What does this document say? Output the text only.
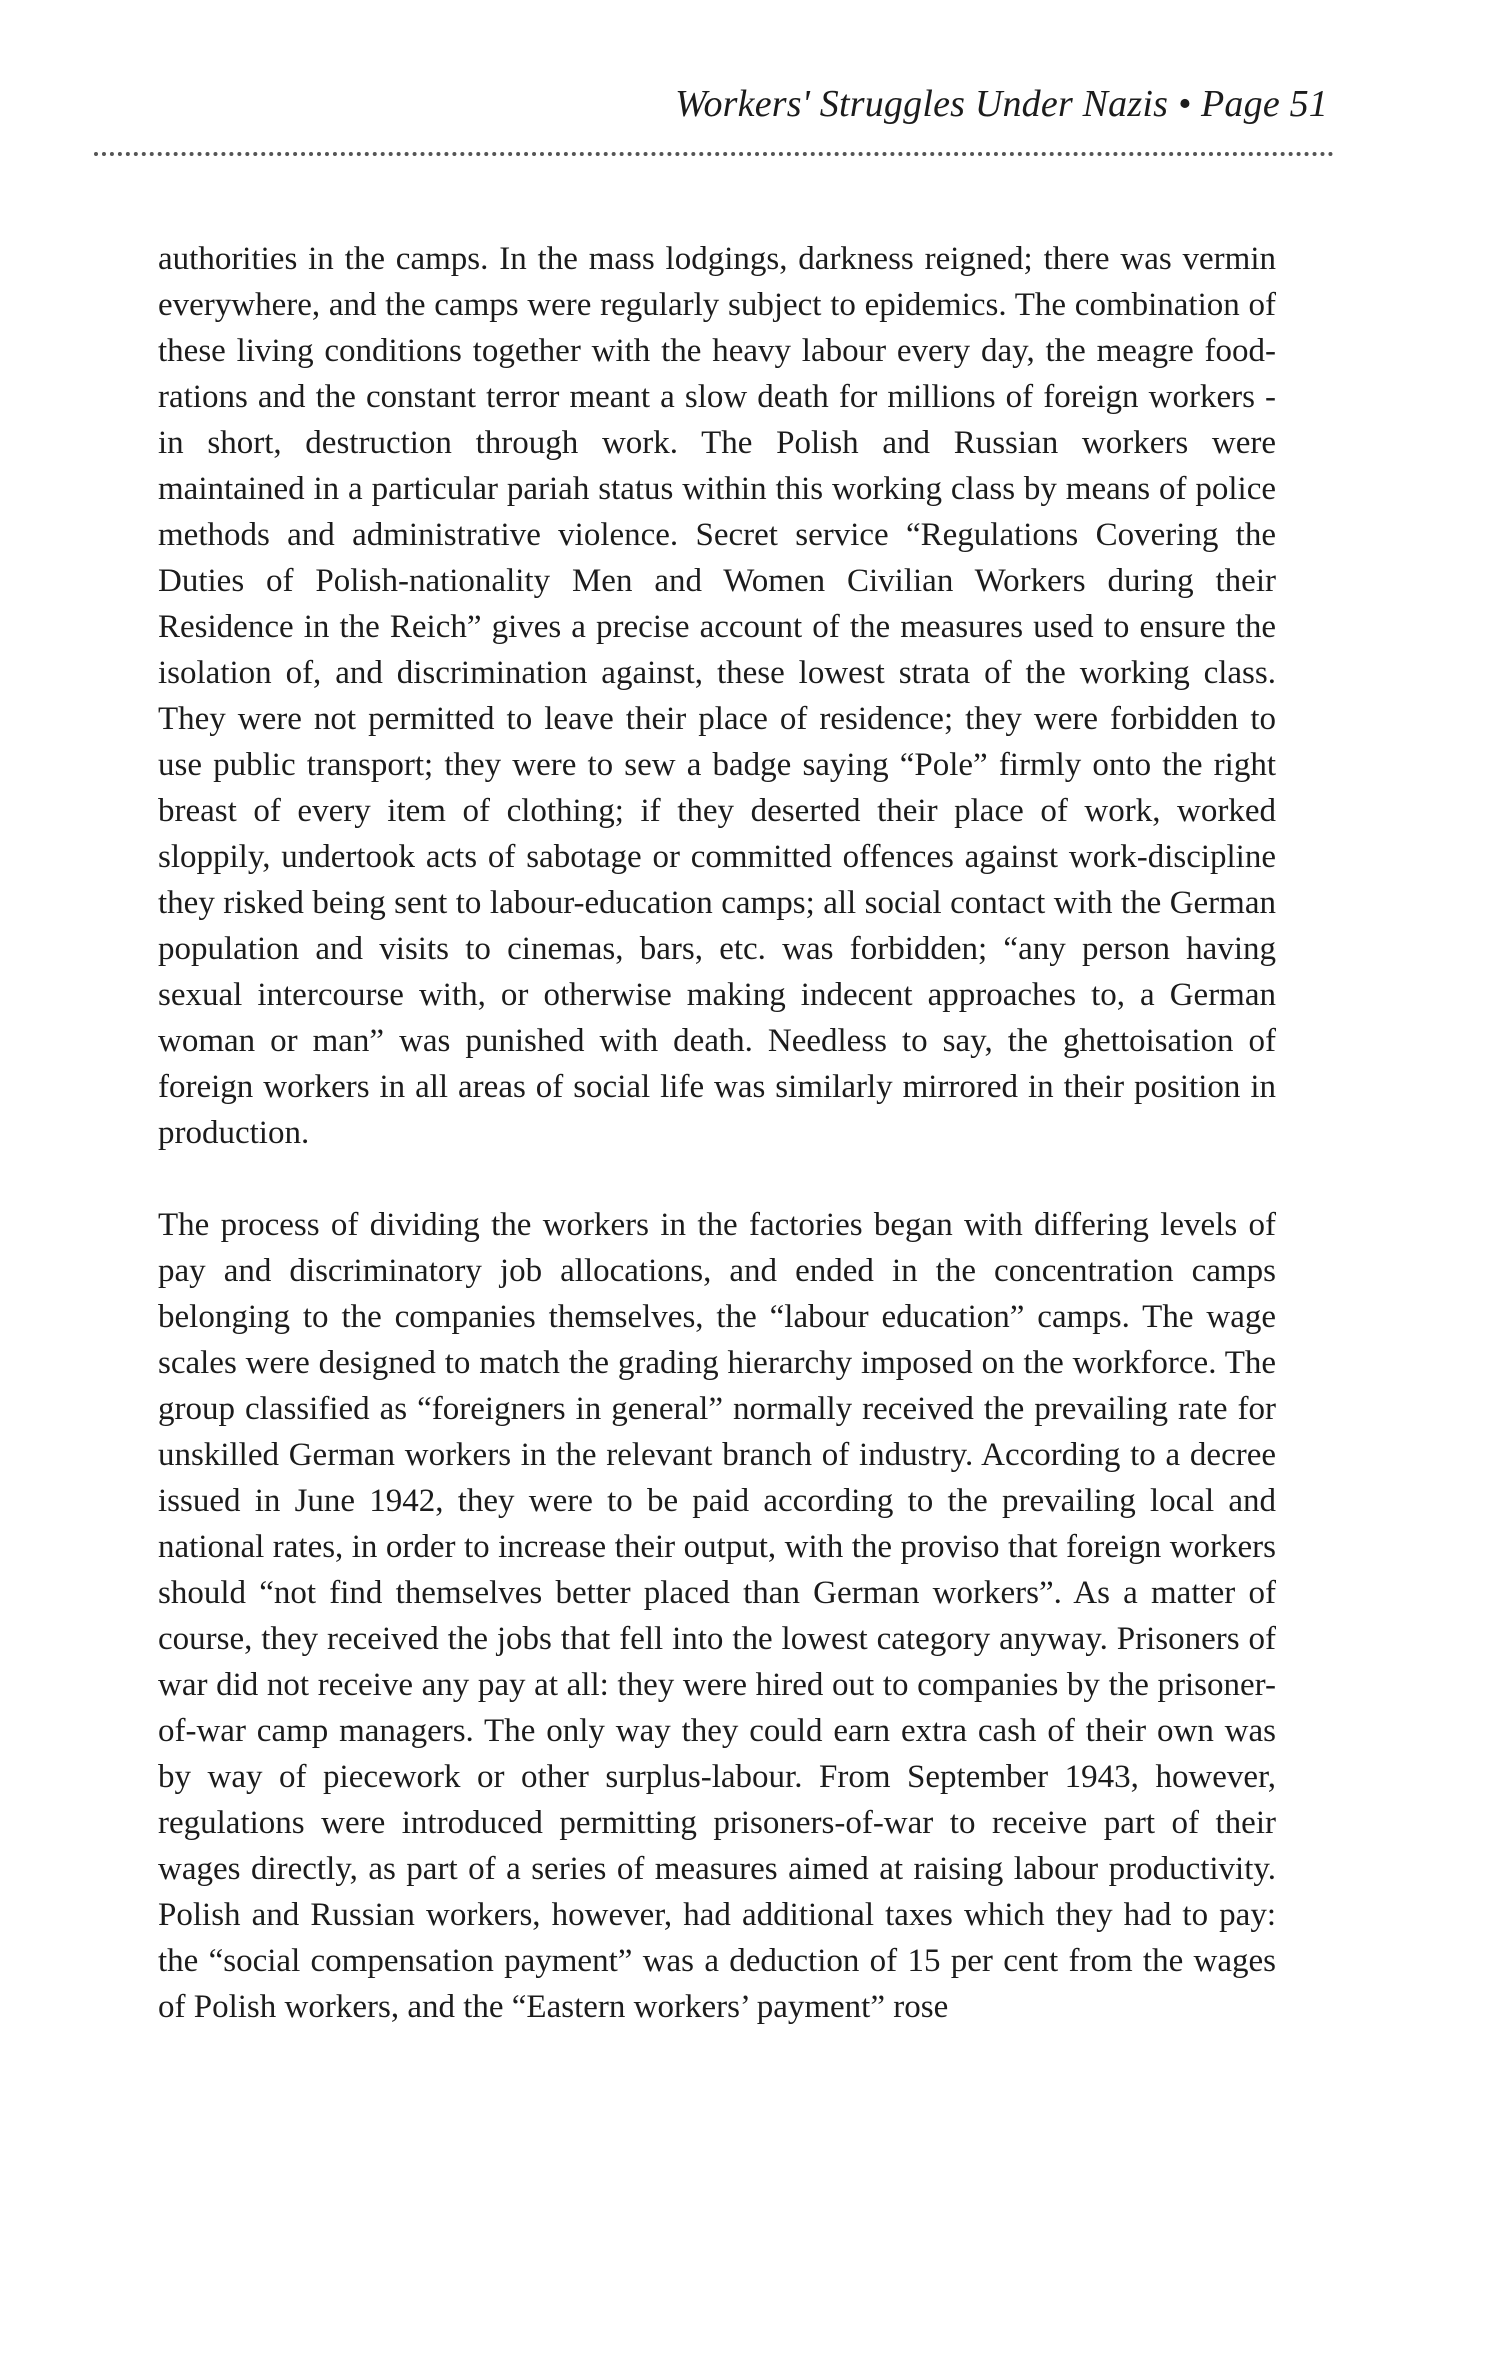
Workers' Struggles Under Nazis • Page 51

authorities in the camps. In the mass lodgings, darkness reigned; there was vermin everywhere, and the camps were regularly subject to epidemics. The combination of these living conditions together with the heavy labour every day, the meagre food-rations and the constant terror meant a slow death for millions of foreign workers - in short, destruction through work. The Polish and Russian workers were maintained in a particular pariah status within this working class by means of police methods and administrative violence. Secret service “Regulations Covering the Duties of Polish-nationality Men and Women Civilian Workers during their Residence in the Reich” gives a precise account of the measures used to ensure the isolation of, and discrimination against, these lowest strata of the working class. They were not permitted to leave their place of residence; they were forbidden to use public transport; they were to sew a badge saying “Pole” firmly onto the right breast of every item of clothing; if they deserted their place of work, worked sloppily, undertook acts of sabotage or committed offences against work-discipline they risked being sent to labour-education camps; all social contact with the German population and visits to cinemas, bars, etc. was forbidden; “any person having sexual intercourse with, or otherwise making indecent approaches to, a German woman or man” was punished with death. Needless to say, the ghettoisation of foreign workers in all areas of social life was similarly mirrored in their position in production.

The process of dividing the workers in the factories began with differing levels of pay and discriminatory job allocations, and ended in the concentration camps belonging to the companies themselves, the “labour education” camps. The wage scales were designed to match the grading hierarchy imposed on the workforce. The group classified as “foreigners in general” normally received the prevailing rate for unskilled German workers in the relevant branch of industry. According to a decree issued in June 1942, they were to be paid according to the prevailing local and national rates, in order to increase their output, with the proviso that foreign workers should “not find themselves better placed than German workers”. As a matter of course, they received the jobs that fell into the lowest category anyway. Prisoners of war did not receive any pay at all: they were hired out to companies by the prisoner-of-war camp managers. The only way they could earn extra cash of their own was by way of piecework or other surplus-labour. From September 1943, however, regulations were introduced permitting prisoners-of-war to receive part of their wages directly, as part of a series of measures aimed at raising labour productivity. Polish and Russian workers, however, had additional taxes which they had to pay: the “social compensation payment” was a deduction of 15 per cent from the wages of Polish workers, and the “Eastern workers’ payment” rose
